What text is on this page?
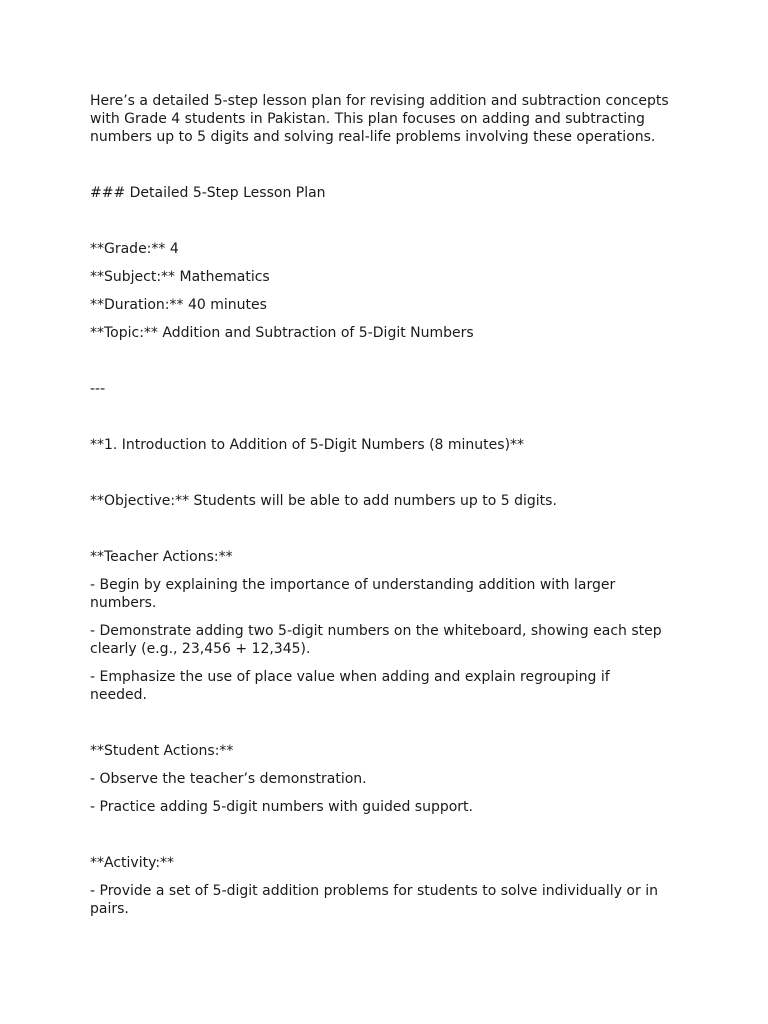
Here’s a detailed 5-step lesson plan for revising addition and subtraction concepts with Grade 4 students in Pakistan. This plan focuses on adding and subtracting numbers up to 5 digits and solving real-life problems involving these operations.

### Detailed 5-Step Lesson Plan

**Grade:** 4

**Subject:** Mathematics

**Duration:** 40 minutes

**Topic:** Addition and Subtraction of 5-Digit Numbers

---

**1. Introduction to Addition of 5-Digit Numbers (8 minutes)**

**Objective:** Students will be able to add numbers up to 5 digits.

**Teacher Actions:**

- Begin by explaining the importance of understanding addition with larger numbers.

- Demonstrate adding two 5-digit numbers on the whiteboard, showing each step clearly (e.g., 23,456 + 12,345).

- Emphasize the use of place value when adding and explain regrouping if needed.

**Student Actions:**

- Observe the teacher’s demonstration.

- Practice adding 5-digit numbers with guided support.

**Activity:**

- Provide a set of 5-digit addition problems for students to solve individually or in pairs.
